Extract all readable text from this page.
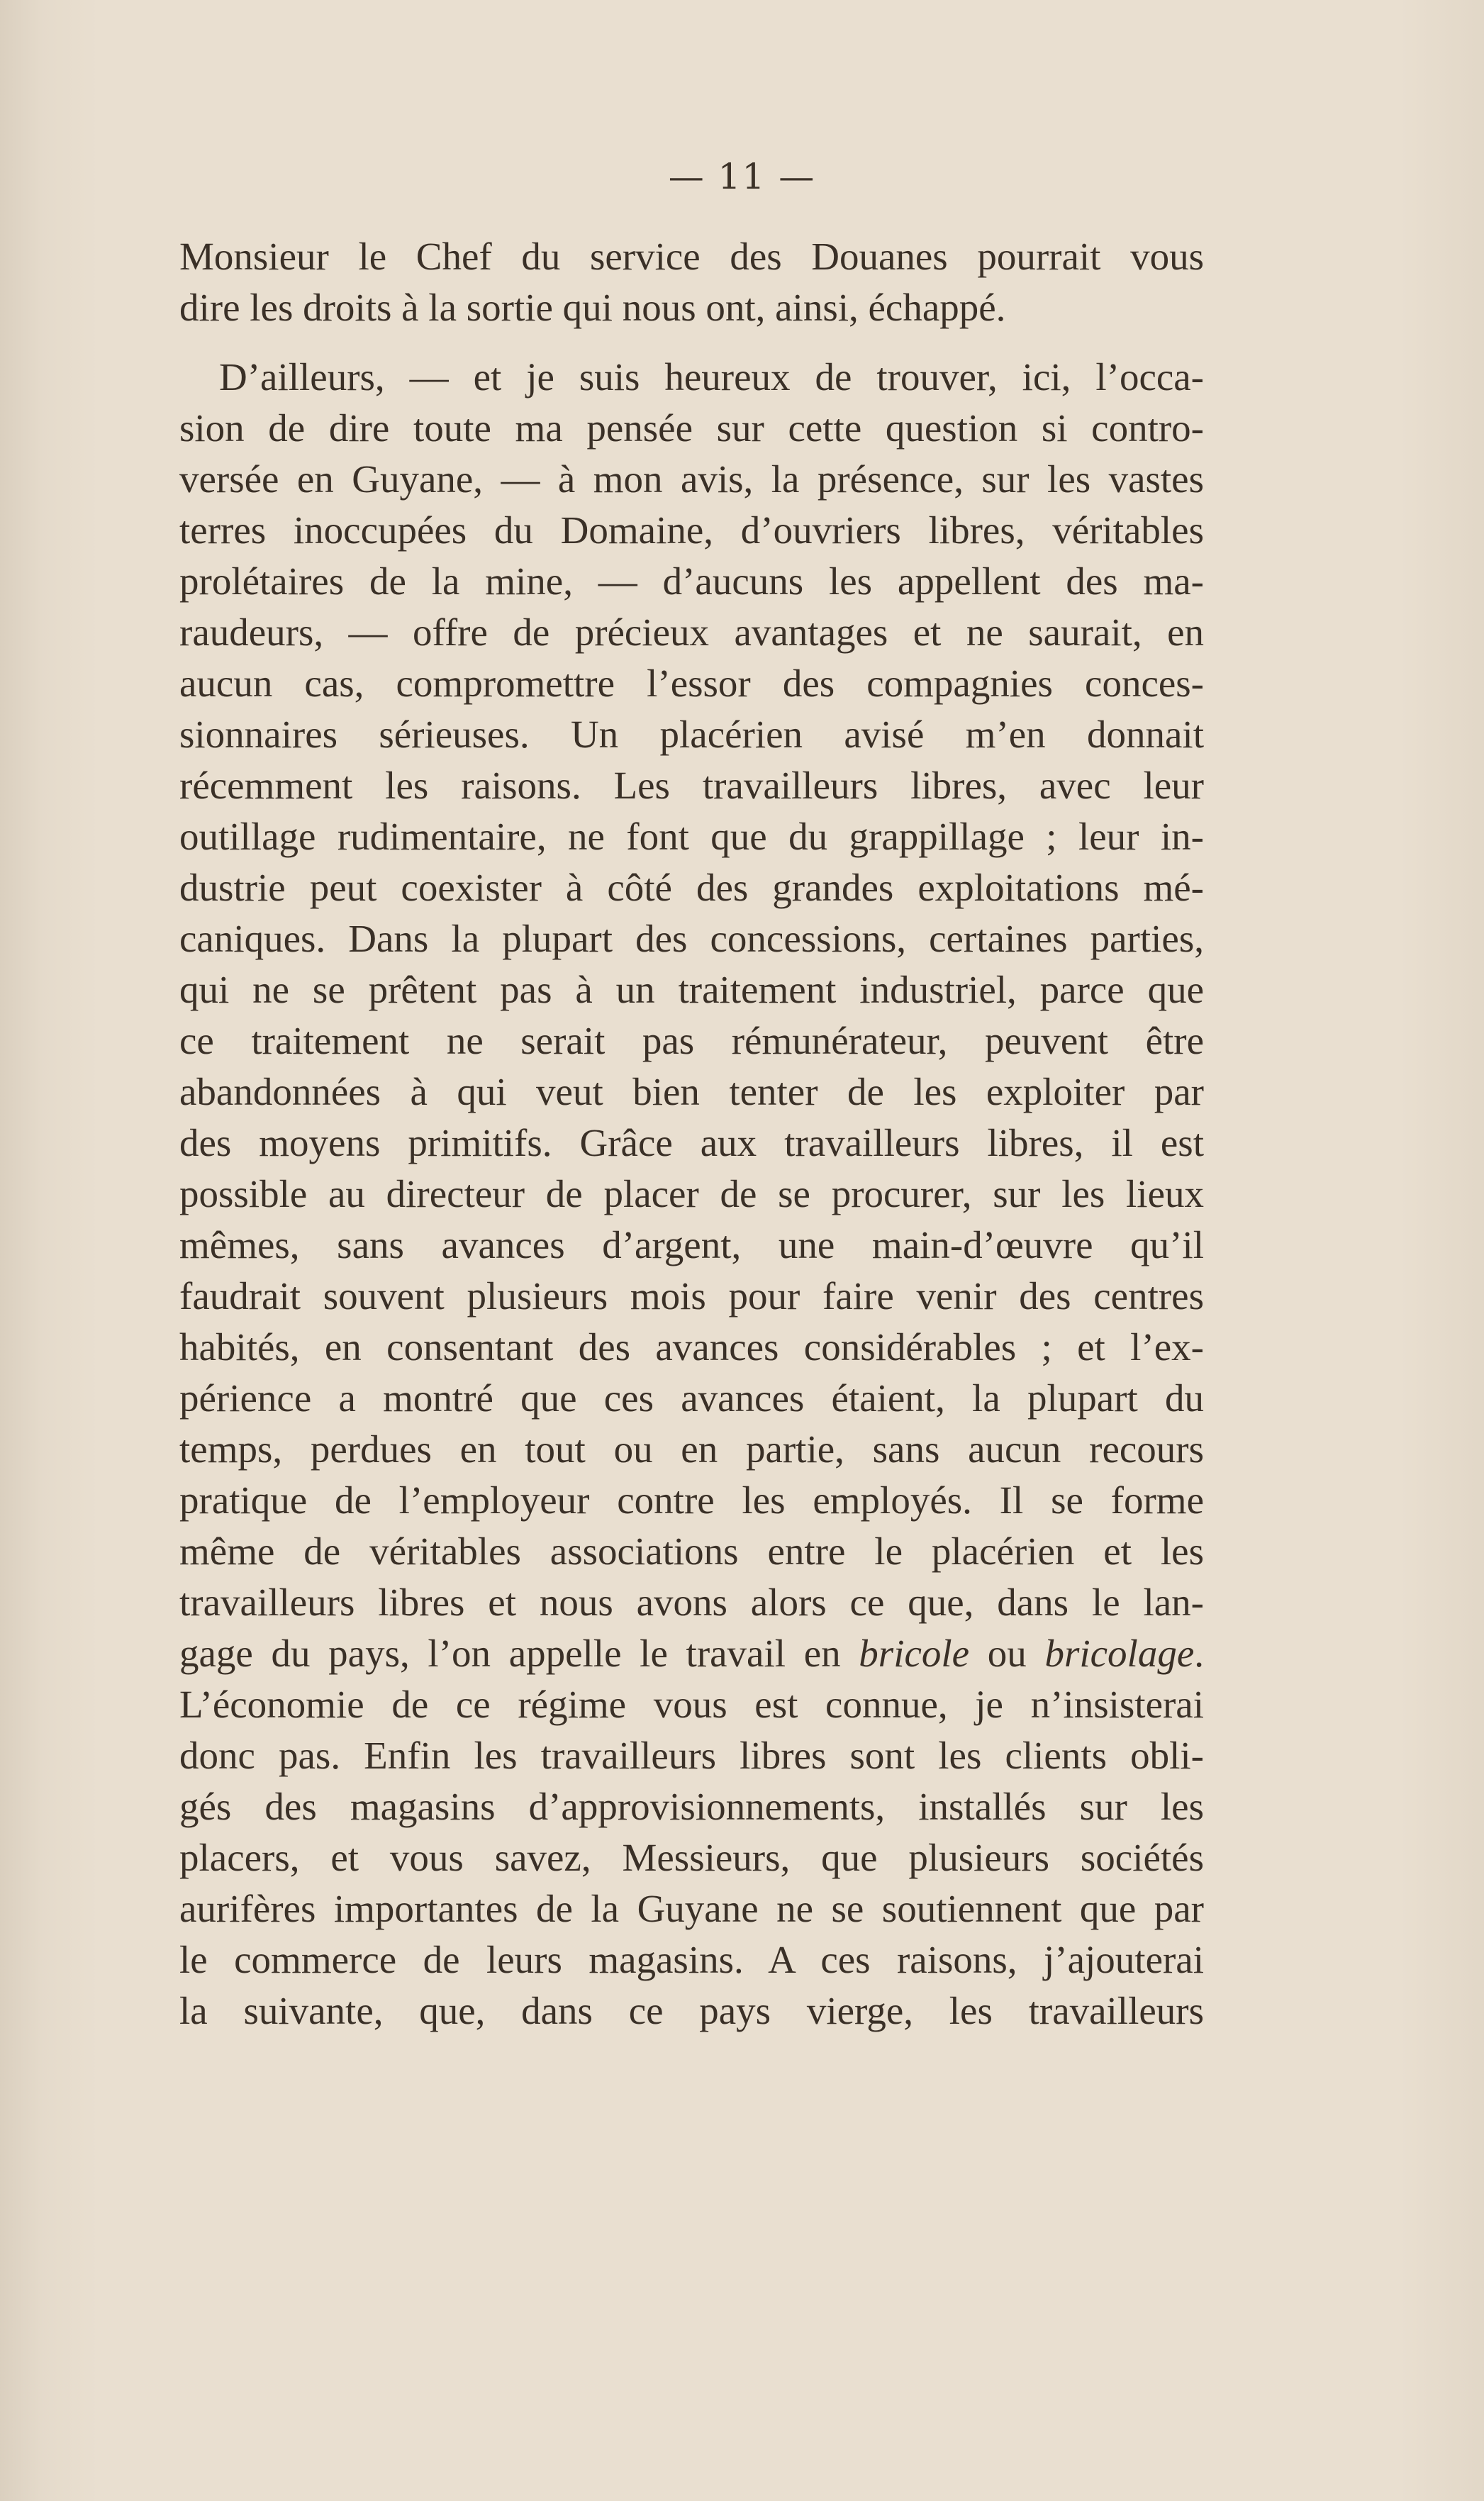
— 11 —
Monsieur le Chef du service des Douanes pourrait vous
dire les droits à la sortie qui nous ont, ainsi, échappé.
D’ailleurs, — et je suis heureux de trouver, ici, l’occa-
sion de dire toute ma pensée sur cette question si contro-
versée en Guyane, — à mon avis, la présence, sur les vastes
terres inoccupées du Domaine, d’ouvriers libres, véritables
prolétaires de la mine, — d’aucuns les appellent des ma-
raudeurs, — offre de précieux avantages et ne saurait, en
aucun cas, compromettre l’essor des compagnies conces-
sionnaires sérieuses. Un placérien avisé m’en donnait
récemment les raisons. Les travailleurs libres, avec leur
outillage rudimentaire, ne font que du grappillage ; leur in-
dustrie peut coexister à côté des grandes exploitations mé-
caniques. Dans la plupart des concessions, certaines parties,
qui ne se prêtent pas à un traitement industriel, parce que
ce traitement ne serait pas rémunérateur, peuvent être
abandonnées à qui veut bien tenter de les exploiter par
des moyens primitifs. Grâce aux travailleurs libres, il est
possible au directeur de placer de se procurer, sur les lieux
mêmes, sans avances d’argent, une main-d’œuvre qu’il
faudrait souvent plusieurs mois pour faire venir des centres
habités, en consentant des avances considérables ; et l’ex-
périence a montré que ces avances étaient, la plupart du
temps, perdues en tout ou en partie, sans aucun recours
pratique de l’employeur contre les employés. Il se forme
même de véritables associations entre le placérien et les
travailleurs libres et nous avons alors ce que, dans le lan-
gage du pays, l’on appelle le travail en bricole ou bricolage.
L’économie de ce régime vous est connue, je n’insisterai
donc pas. Enfin les travailleurs libres sont les clients obli-
gés des magasins d’approvisionnements, installés sur les
placers, et vous savez, Messieurs, que plusieurs sociétés
aurifères importantes de la Guyane ne se soutiennent que par
le commerce de leurs magasins. A ces raisons, j’ajouterai
la suivante, que, dans ce pays vierge, les travailleurs
